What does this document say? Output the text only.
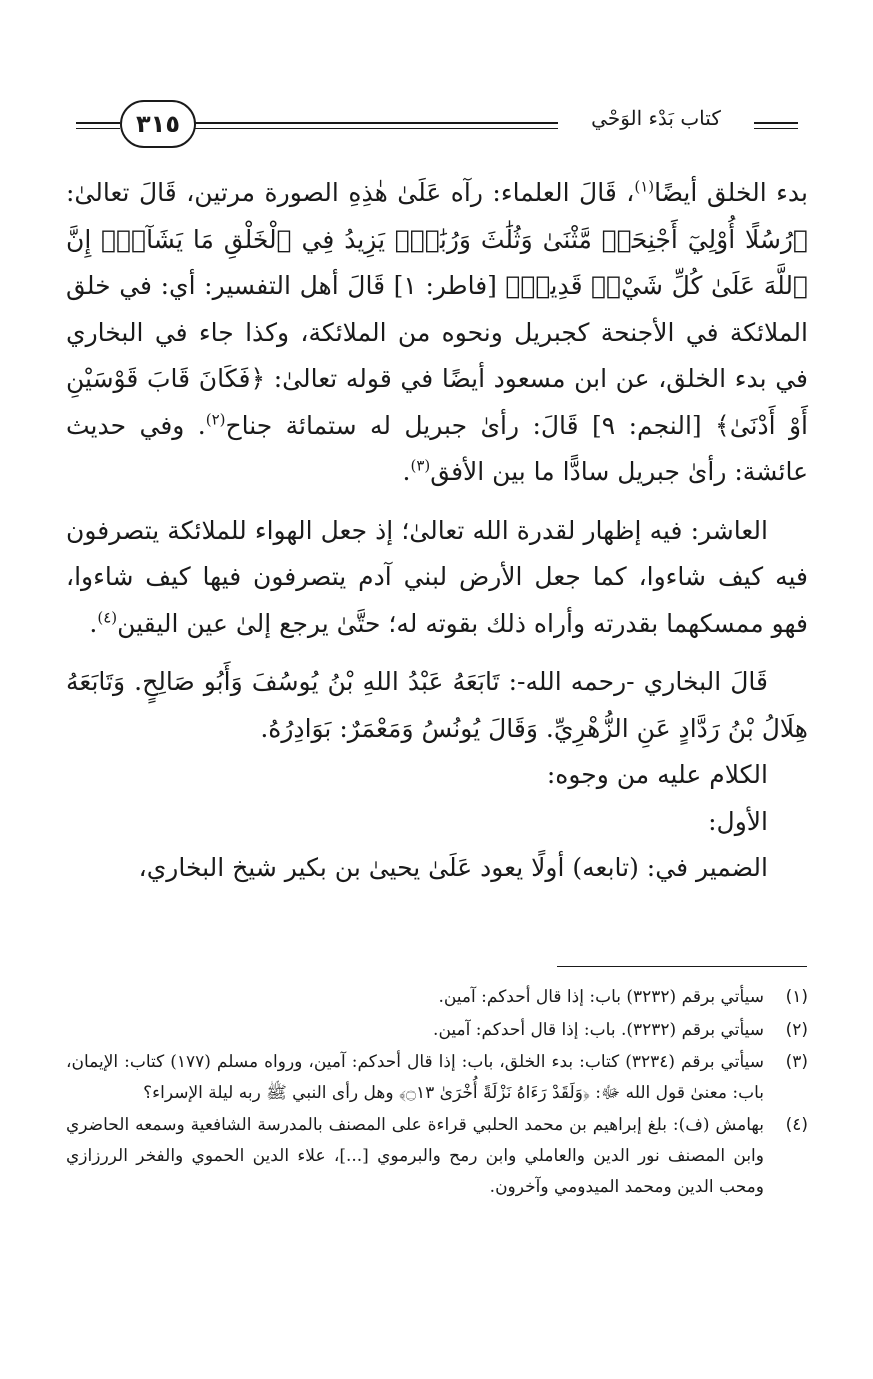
٣١٥	كتاب بَدْء الوَحْي

بدء الخلق أيضًا$^{(١)}$، قَالَ العلماء: رآه عَلَىٰ هٰذِهِ الصورة مرتين، قَالَ تعالىٰ: ﴿رُسُلًا أُوْلِيٓ أَجْنِحَةٖ مَّثْنَىٰ وَثُلَٰثَ وَرُبَٰعَۚ يَزِيدُ فِي ٱلْخَلْقِ مَا يَشَآءُۚ إِنَّ ٱللَّهَ عَلَىٰ كُلِّ شَيْءٖ قَدِيرٞ﴾ [فاطر: ١] قَالَ أهل التفسير: أي: في خلق الملائكة في الأجنحة كجبريل ونحوه من الملائكة، وكذا جاء في البخاري في بدء الخلق، عن ابن مسعود أيضًا في قوله تعالىٰ: ﴿فَكَانَ قَابَ قَوْسَيْنِ أَوْ أَدْنَىٰ﴾ [النجم: ٩] قَالَ: رأىٰ جبريل له ستمائة جناح$^{(٢)}$. وفي حديث عائشة: رأىٰ جبريل سادًّا ما بين الأفق$^{(٣)}$.

العاشر: فيه إظهار لقدرة الله تعالىٰ؛ إذ جعل الهواء للملائكة يتصرفون فيه كيف شاءوا، كما جعل الأرض لبني آدم يتصرفون فيها كيف شاءوا، فهو ممسكهما بقدرته وأراه ذلك بقوته له؛ حتَّىٰ يرجع إلىٰ عين اليقين$^{(٤)}$.

قَالَ البخاري -رحمه الله-: تَابَعَهُ عَبْدُ اللهِ بْنُ يُوسُفَ وَأَبُو صَالِحٍ. وَتَابَعَهُ هِلَالُ بْنُ رَدَّادٍ عَنِ الزُّهْرِيِّ. وَقَالَ يُونُسُ وَمَعْمَرٌ: بَوَادِرُهُ.

الكلام عليه من وجوه:

الأول:

الضمير في: (تابعه) أولًا يعود عَلَىٰ يحيىٰ بن بكير شيخ البخاري،

(١)
سيأتي برقم (٣٢٣٢) باب: إذا قال أحدكم: آمين.
(٢)
سيأتي برقم (٣٢٣٢). باب: إذا قال أحدكم: آمين.
(٣)
سيأتي برقم (٣٢٣٤) كتاب: بدء الخلق، باب: إذا قال أحدكم: آمين، ورواه مسلم (١٧٧) كتاب: الإيمان، باب: معنىٰ قول الله ﷻ: ﴿وَلَقَدْ رَءَاهُ نَزْلَةً أُخْرَىٰ ۝١٣﴾ وهل رأى النبي ﷺ ربه ليلة الإسراء؟
(٤)
بهامش (ف): بلغ إبراهيم بن محمد الحلبي قراءة على المصنف بالمدرسة الشافعية وسمعه الحاضري وابن المصنف نور الدين والعاملي وابن رمح والبرموي [...]، علاء الدين الحموي والفخر الررزازي ومحب الدين ومحمد الميدومي وآخرون.
